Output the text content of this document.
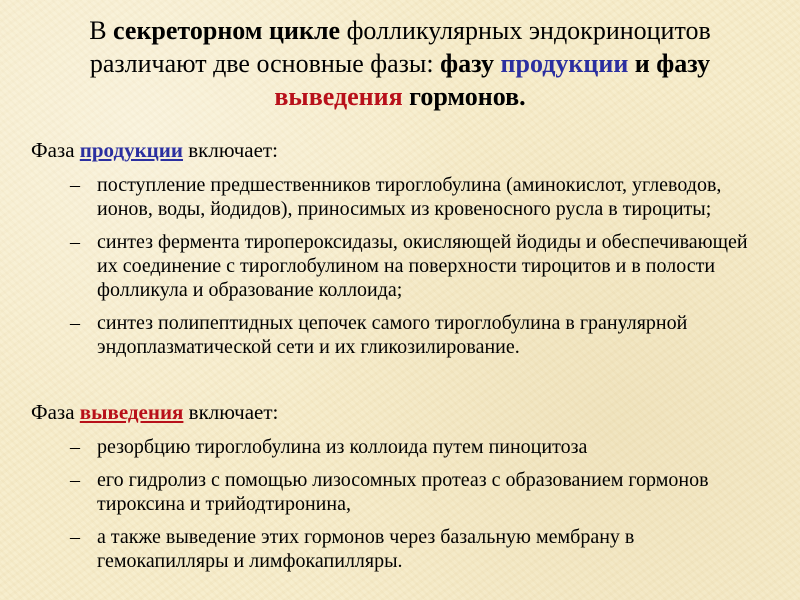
В секреторном цикле фолликулярных эндокриноцитов различают две основные фазы: фазу продукции и фазу выведения гормонов.
Фаза продукции включает:
– поступление предшественников тироглобулина (аминокислот, углеводов, ионов, воды, йодидов), приносимых из кровеносного русла в тироциты;
– синтез фермента тиропероксидазы, окисляющей йодиды и обеспечивающей их соединение с тироглобулином на поверхности тироцитов и в полости фолликула и образование коллоида;
– синтез полипептидных цепочек самого тироглобулина в гранулярной эндоплазматической сети и их гликозилирование.
Фаза выведения включает:
– резорбцию тироглобулина из коллоида путем пиноцитоза
– его гидролиз с помощью лизосомных протеаз с образованием гормонов тироксина и трийодтиронина,
– а также выведение этих гормонов через базальную мембрану в гемокапилляры и лимфокапилляры.
